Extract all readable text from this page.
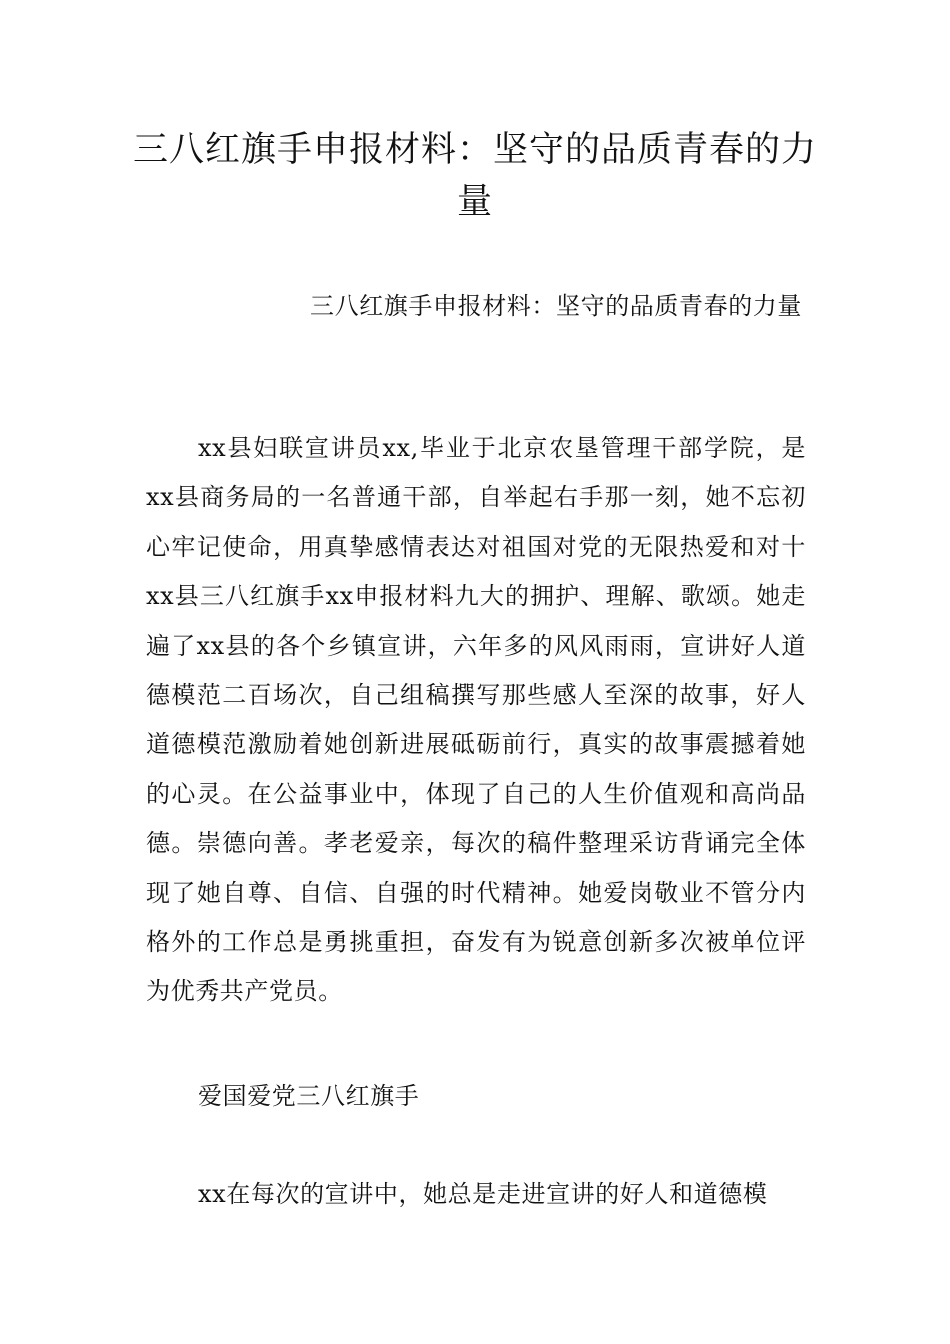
三八红旗手申报材料：坚守的品质青春的力量

三八红旗手申报材料：坚守的品质青春的力量

xx县妇联宣讲员xx,毕业于北京农垦管理干部学院，是xx县商务局的一名普通干部，自举起右手那一刻，她不忘初心牢记使命，用真挚感情表达对祖国对党的无限热爱和对十xx县三八红旗手xx申报材料九大的拥护、理解、歌颂。她走遍了xx县的各个乡镇宣讲，六年多的风风雨雨，宣讲好人道德模范二百场次，自己组稿撰写那些感人至深的故事，好人道德模范激励着她创新进展砥砺前行，真实的故事震撼着她的心灵。在公益事业中，体现了自己的人生价值观和高尚品德。崇德向善。孝老爱亲，每次的稿件整理采访背诵完全体现了她自尊、自信、自强的时代精神。她爱岗敬业不管分内格外的工作总是勇挑重担，奋发有为锐意创新多次被单位评为优秀共产党员。

爱国爱党三八红旗手

xx在每次的宣讲中，她总是走进宣讲的好人和道德模
